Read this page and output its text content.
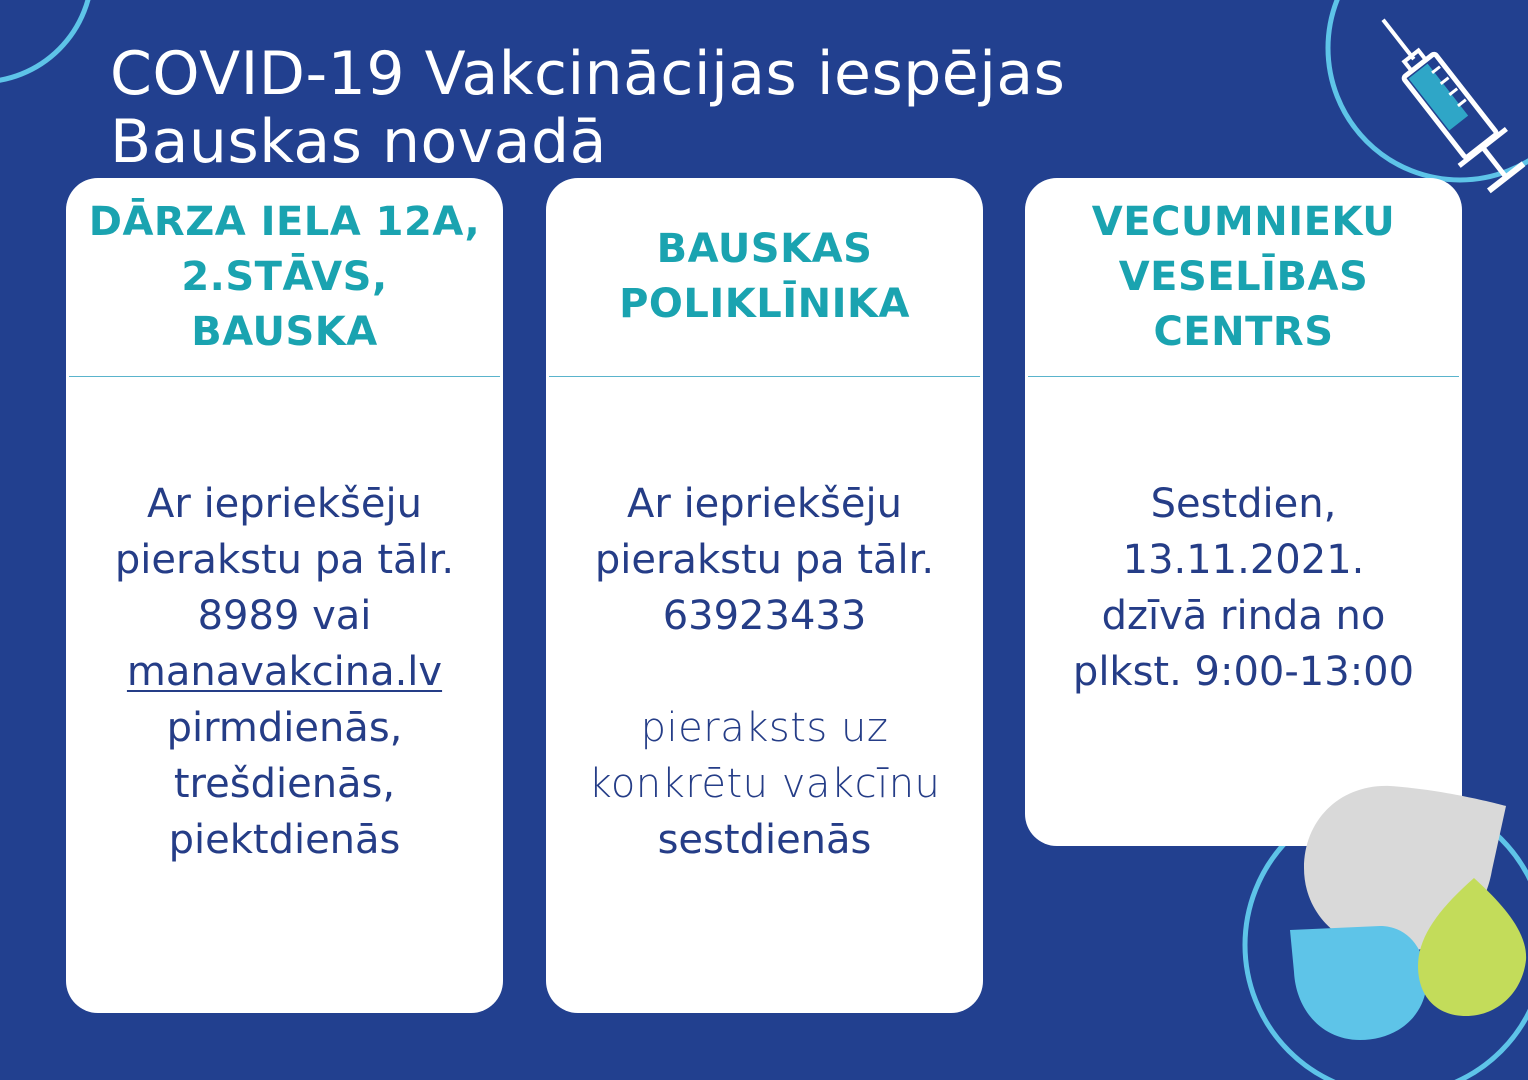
COVID-19 Vakcinācijas iespējas
Bauskas novadā
DĀRZA IELA 12A,
2.STĀVS,
BAUSKA
Ar iepriekšēju
pierakstu pa tālr.
8989 vai
manavakcina.lv
pirmdienās,
trešdienās,
piektdienās
BAUSKAS
POLIKLĪNIKA
Ar iepriekšēju
pierakstu pa tālr.
63923433
pieraksts uz
konkrētu vakcīnu
sestdienās
VECUMNIEKU
VESELĪBAS
CENTRS
Sestdien,
13.11.2021.
dzīvā rinda no
plkst. 9:00-13:00
